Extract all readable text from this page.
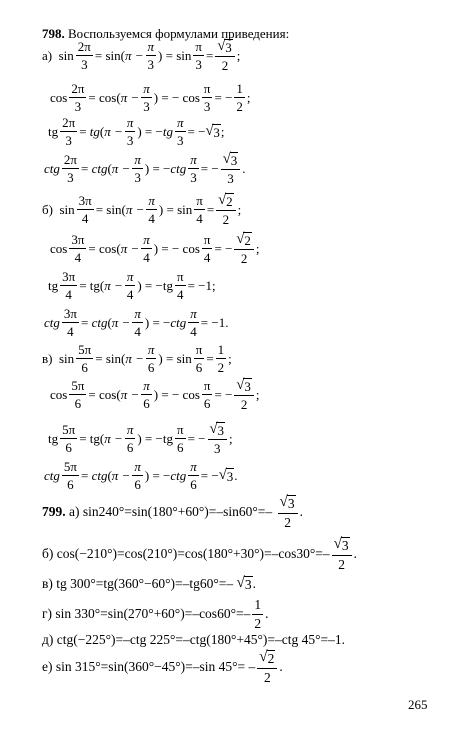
798. Воспользуемся формулами приведения:
а)
$\sin \frac{2\pi}{3}$ =
sin ( $\pi - \frac{\pi}{3}$ )
=
$\sin \frac{\pi}{3} = \frac{√ 3}{2}$ ;
$\cos \frac{2\pi}{3}$ =
cos ( $\pi - \frac{\pi}{3}$ )
=
−
$\cos \frac{\pi}{3}$ =
− $\frac{1}{2}$ ;
tg $\frac{2\pi}{3}$ =
tg ( $\pi - \frac{\pi}{3}$ )
=
− tg $\frac{\pi}{3}$ =
− √ 3 ;
ctg $\frac{2\pi}{3}$ =
ctg ( $\pi - \frac{\pi}{3}$ )
=
− ctg $\frac{\pi}{3}$ =
− $\frac{√ 3}{3}$ .
б)
$\sin \frac{3\pi}{4}$ =
sin ( $\pi - \frac{\pi}{4}$ )
=
$\sin \frac{\pi}{4} = \frac{√ 2}{2}$ ;
$\cos \frac{3\pi}{4}$ =
cos ( $\pi - \frac{\pi}{4}$ )
=
−
$\cos \frac{\pi}{4}$ =
− $\frac{√ 2}{2}$ ;
tg $\frac{3\pi}{4}$ =
tg ( $\pi - \frac{\pi}{4}$ )
=
− tg $\frac{\pi}{4}$ =
−1 ;
ctg $\frac{3\pi}{4}$ =
ctg ( $\pi - \frac{\pi}{4}$ )
=
− ctg $\frac{\pi}{4}$ =
−1.
в)
$\sin \frac{5\pi}{6}$ =
sin ( $\pi - \frac{\pi}{6}$ )
=
$\sin \frac{\pi}{6} = \frac{1}{2}$ ;
$\cos \frac{5\pi}{6}$ =
cos ( $\pi - \frac{\pi}{6}$ )
=
−
$\cos \frac{\pi}{6}$ =
− $\frac{√ 3}{2}$ ;
tg $\frac{5\pi}{6}$ =
tg ( $\pi - \frac{\pi}{6}$ )
=
− tg $\frac{\pi}{6}$ =
− $\frac{√ 3}{3}$ ;
ctg $\frac{5\pi}{6}$ =
ctg ( $\pi - \frac{\pi}{6}$ )
=
− ctg $\frac{\pi}{6}$ =
− √ 3 .
799.
а) sin240°=sin(180°+60°)=–sin60°=–
$\frac{√ 3}{2}$ .
б) $\cos(-210^\circ)=\cos(210^\circ)=\cos(180^\circ+30^\circ)=-\cos 30^\circ=- \frac{√ 3}{2}$ .
в) tg 300°=tg(360°−60°)=–tg60°=–
√ 3 .
г) $\sin 330^\circ=\sin(270^\circ+60^\circ)=-\cos 60^\circ=- \frac{1}{2}$ .
д) ctg(−225°)=–ctg 225°=–ctg(180°+45°)=–ctg 45°=–1.
е) sin 315°=sin(360°−45°)=–sin $45^\circ= - \frac{√ 2}{2}$ .
265
